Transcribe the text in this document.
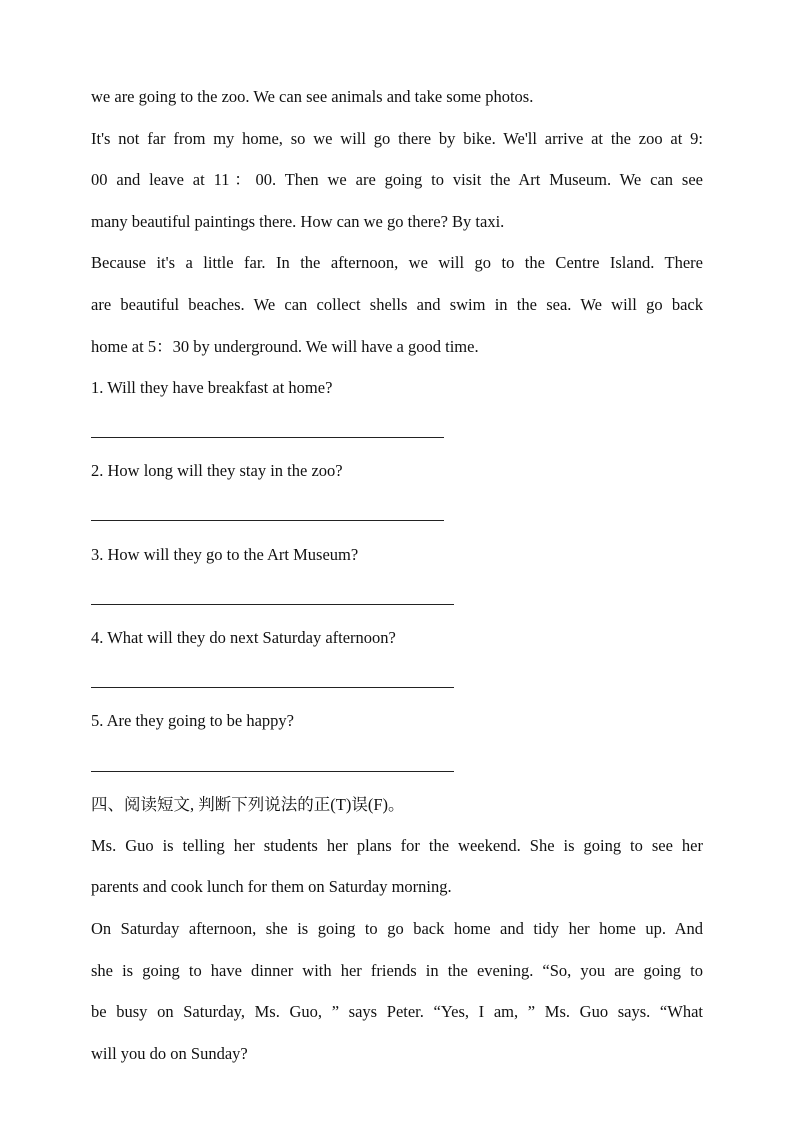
we are going to the zoo. We can see animals and take some photos.
It's not far from my home, so we will go there by bike. We'll arrive at the zoo at 9:
00 and leave at 11：00. Then we are going to visit the Art Museum. We can see
many beautiful paintings there. How can we go there? By taxi.
Because it's a little far. In the afternoon, we will go to the Centre Island. There
are beautiful beaches. We can collect shells and swim in the sea. We will go back
home at 5：30 by underground. We will have a good time.
1. Will they have breakfast at home?
2. How long will they stay in the zoo?
3. How will they go to the Art Museum?
4. What will they do next Saturday afternoon?
5. Are they going to be happy?
四、阅读短文, 判断下列说法的正(T)误(F)。
Ms. Guo is telling her students her plans for the weekend. She is going to see her
parents and cook lunch for them on Saturday morning.
On Saturday afternoon, she is going to go back home and tidy her home up. And
she is going to have dinner with her friends in the evening. “So, you are going to
be busy on Saturday, Ms. Guo, ” says Peter. “Yes, I am, ” Ms. Guo says. “What
will you do on Sunday?
